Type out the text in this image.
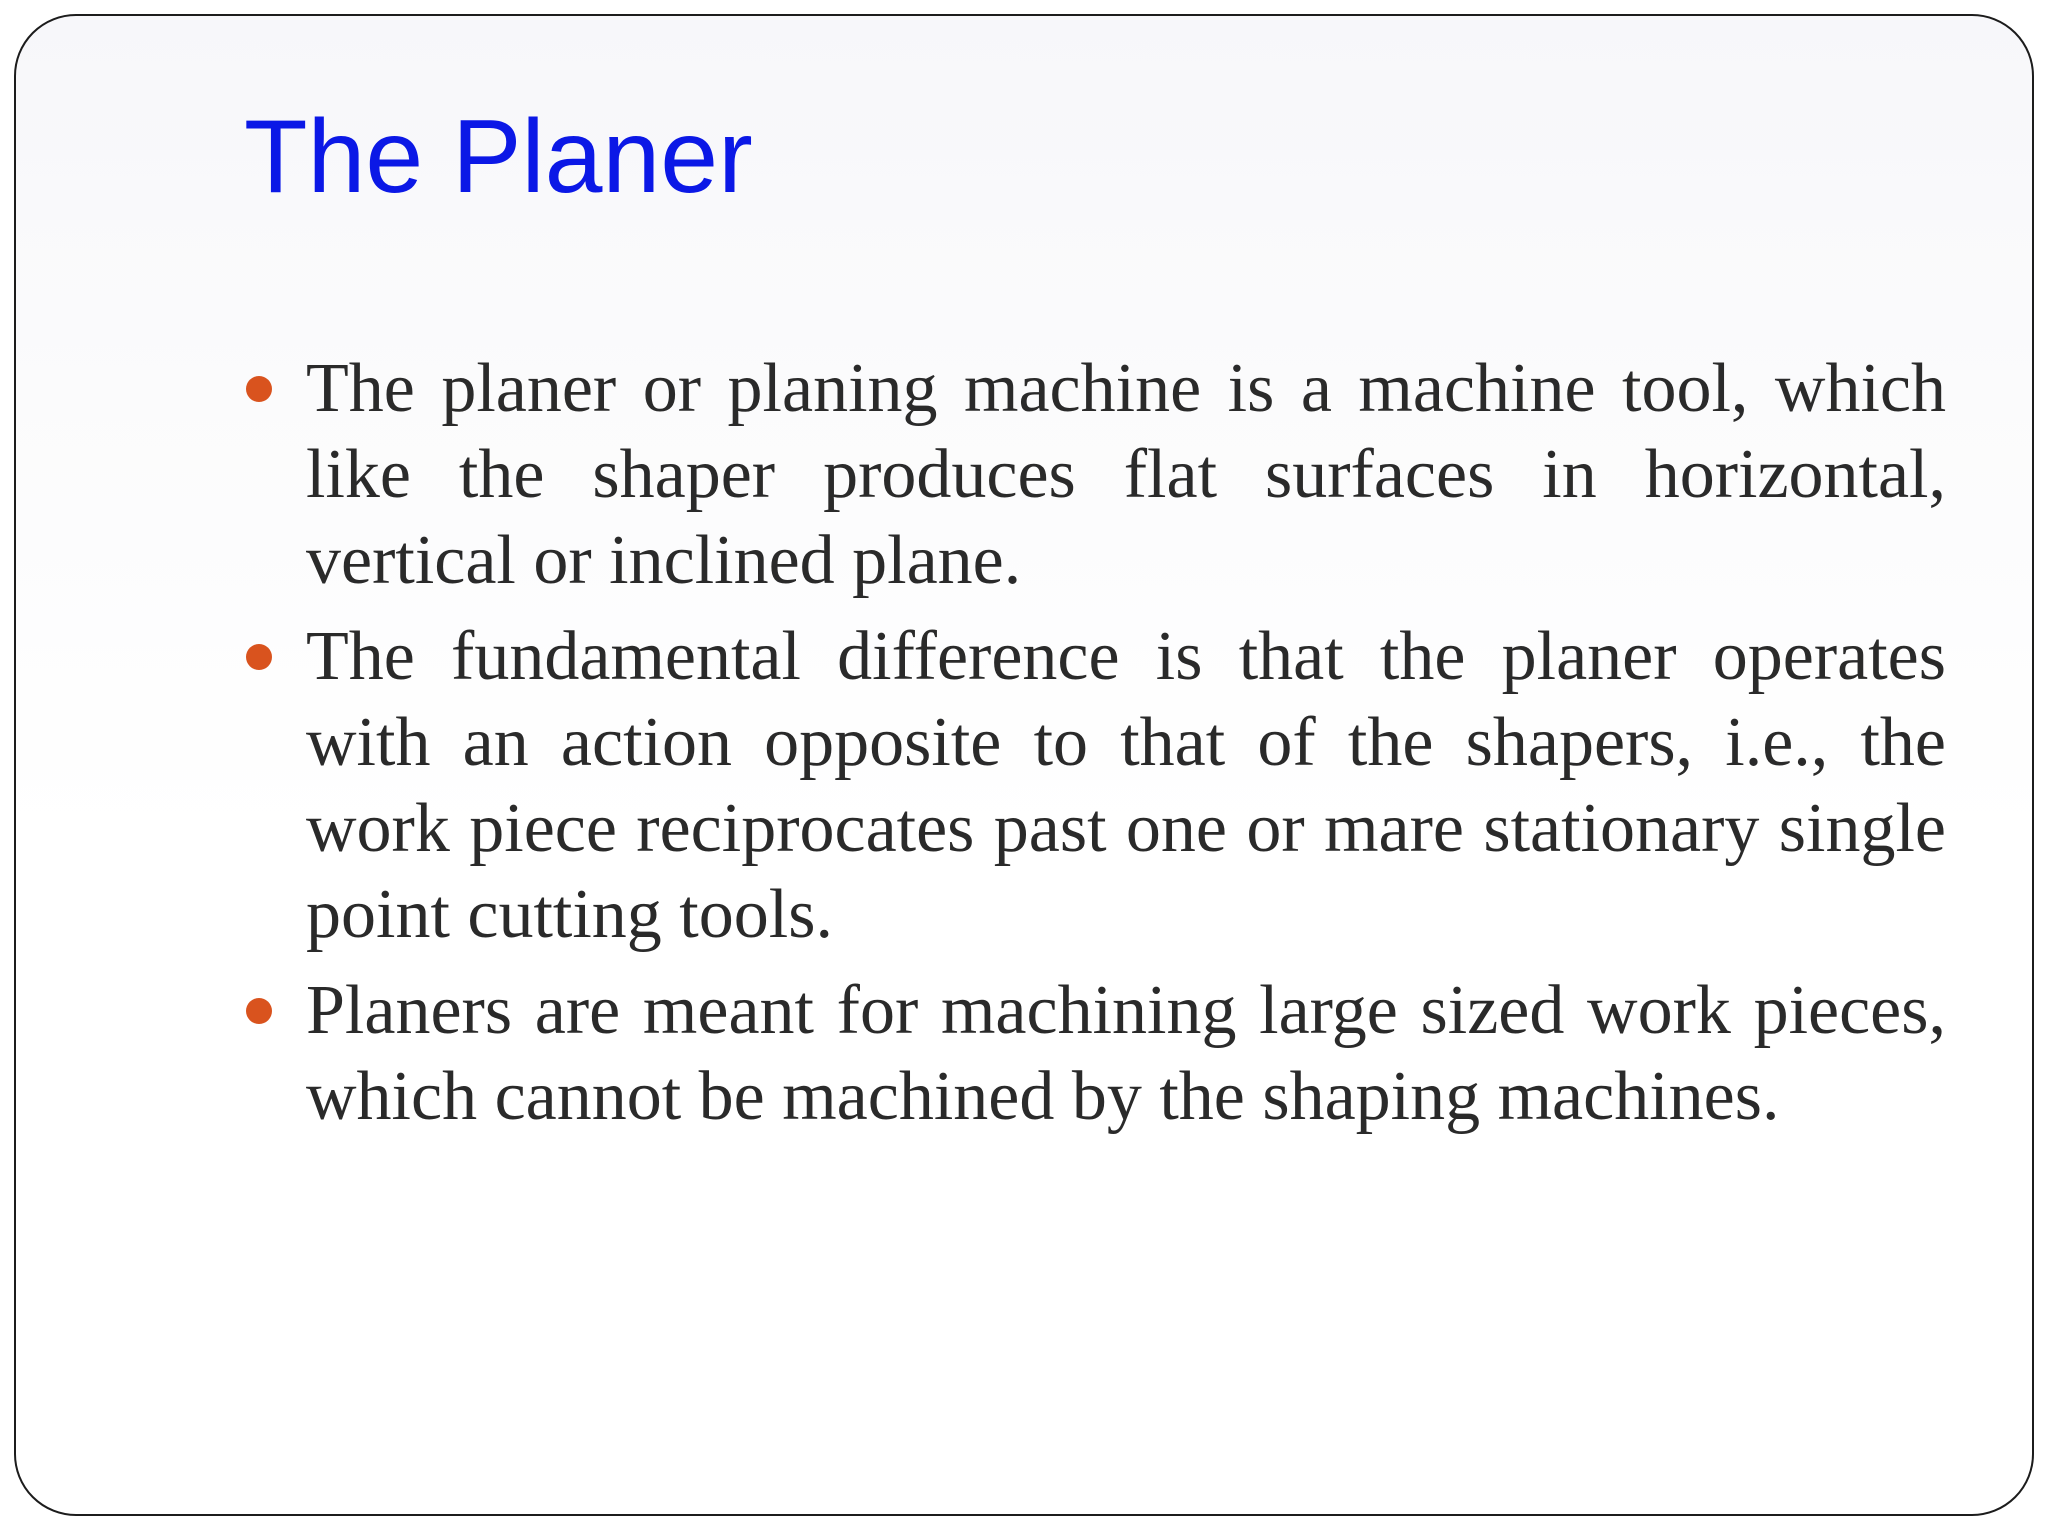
The Planer
The planer or planing machine is a machine tool, which like the shaper produces flat surfaces in horizontal, vertical or inclined plane.
The fundamental difference is that the planer operates with an action opposite to that of the shapers, i.e., the work piece reciprocates past one or mare stationary single point cutting tools.
Planers are meant for machining large sized work pieces, which cannot be machined by the shaping machines.
